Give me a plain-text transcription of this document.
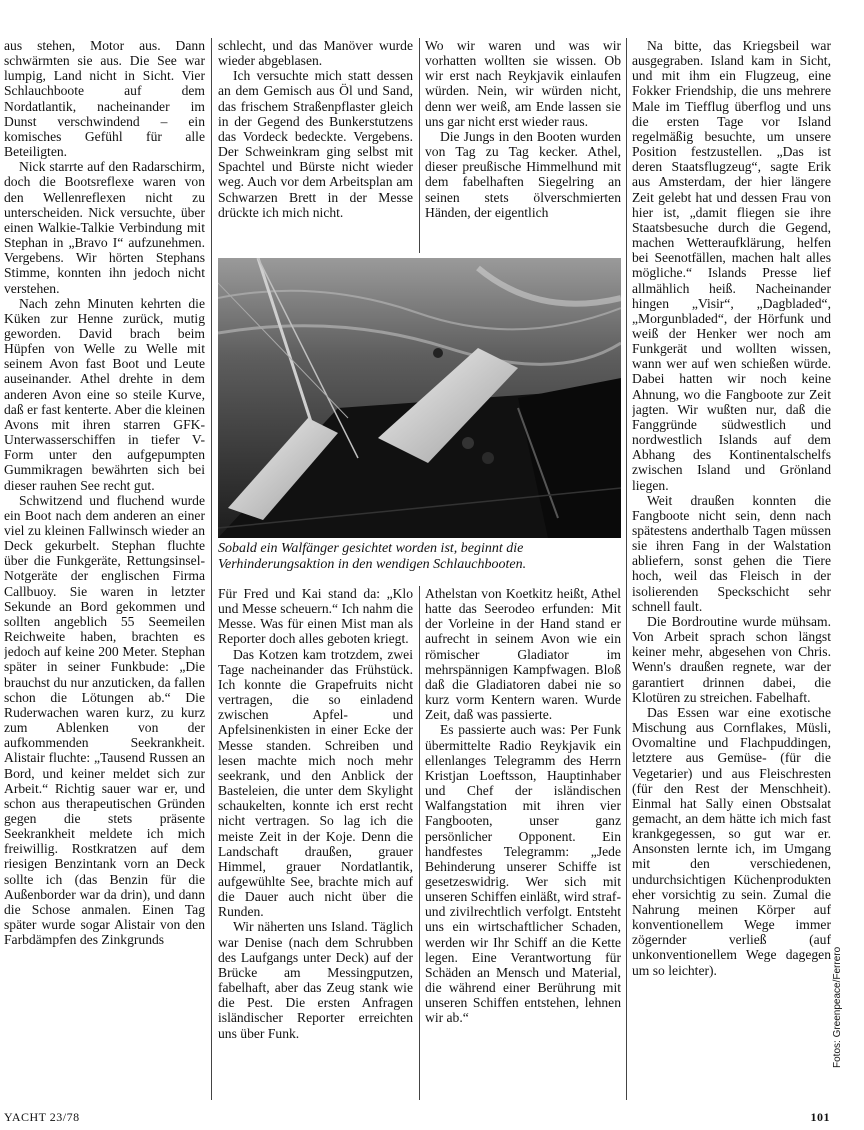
aus stehen, Motor aus. Dann schwärmten sie aus. Die See war lumpig, Land nicht in Sicht. Vier Schlauchboote auf dem Nordatlantik, nacheinander im Dunst verschwindend – ein komisches Gefühl für alle Beteiligten.

Nick starrte auf den Radarschirm, doch die Bootsreflexe waren von den Wellenreflexen nicht zu unterscheiden. Nick versuchte, über einen Walkie-Talkie Verbindung mit Stephan in „Bravo I“ aufzunehmen. Vergebens. Wir hörten Stephans Stimme, konnten ihn jedoch nicht verstehen.

Nach zehn Minuten kehrten die Küken zur Henne zurück, mutig geworden. David brach beim Hüpfen von Welle zu Welle mit seinem Avon fast Boot und Leute auseinander. Athel drehte in dem anderen Avon eine so steile Kurve, daß er fast kenterte. Aber die kleinen Avons mit ihren starren GFK-Unterwasserschiffen in tiefer V-Form unter den aufgepumpten Gummikragen bewährten sich bei dieser rauhen See recht gut.

Schwitzend und fluchend wurde ein Boot nach dem anderen an einer viel zu kleinen Fallwinsch wieder an Deck gekurbelt. Stephan fluchte über die Funkgeräte, Rettungsinsel-Notgeräte der englischen Firma Callbuoy. Sie waren in letzter Sekunde an Bord gekommen und sollten angeblich 55 Seemeilen Reichweite haben, brachten es jedoch auf keine 200 Meter. Stephan später in seiner Funkbude: „Die brauchst du nur anzuticken, da fallen schon die Lötungen ab.“ Die Ruderwachen waren kurz, zu kurz zum Ablenken von der aufkommenden Seekrankheit. Alistair fluchte: „Tausend Russen an Bord, und keiner meldet sich zur Arbeit.“ Richtig sauer war er, und schon aus therapeutischen Gründen gegen die stets präsente Seekrankheit meldete ich mich freiwillig. Rostkratzen auf dem riesigen Benzintank vorn an Deck sollte ich (das Benzin für die Außenborder war da drin), und dann die Schose anmalen. Einen Tag später wurde sogar Alistair von den Farbdämpfen des Zinkgrunds

schlecht, und das Manöver wurde wieder abgeblasen.

Ich versuchte mich statt dessen an dem Gemisch aus Öl und Sand, das frischem Straßenpflaster gleich in der Gegend des Bunkerstutzens das Vordeck bedeckte. Vergebens. Der Schweinkram ging selbst mit Spachtel und Bürste nicht wieder weg. Auch vor dem Arbeitsplan am Schwarzen Brett in der Messe drückte ich mich nicht.

Wo wir waren und was wir vorhatten wollten sie wissen. Ob wir erst nach Reykjavik einlaufen würden. Nein, wir würden nicht, denn wer weiß, am Ende lassen sie uns gar nicht erst wieder raus.

Die Jungs in den Booten wurden von Tag zu Tag kecker. Athel, dieser preußische Himmelhund mit dem fabelhaften Siegelring an seinen stets ölverschmierten Händen, der eigentlich

Sobald ein Walfänger gesichtet worden ist, beginnt die Verhinderungsaktion in den wendigen Schlauchbooten.

Für Fred und Kai stand da: „Klo und Messe scheuern.“ Ich nahm die Messe. Was für einen Mist man als Reporter doch alles geboten kriegt.

Das Kotzen kam trotzdem, zwei Tage nacheinander das Frühstück. Ich konnte die Grapefruits nicht vertragen, die so einladend zwischen Apfel- und Apfelsinenkisten in einer Ecke der Messe standen. Schreiben und lesen machte mich noch mehr seekrank, und den Anblick der Basteleien, die unter dem Skylight schaukelten, konnte ich erst recht nicht vertragen. So lag ich die meiste Zeit in der Koje. Denn die Landschaft draußen, grauer Himmel, grauer Nordatlantik, aufgewühlte See, brachte mich auf die Dauer auch nicht über die Runden.

Wir näherten uns Island. Täglich war Denise (nach dem Schrubben des Laufgangs unter Deck) auf der Brücke am Messingputzen, fabelhaft, aber das Zeug stank wie die Pest. Die ersten Anfragen isländischer Reporter erreichten uns über Funk.

Athelstan von Koetkitz heißt, Athel hatte das Seerodeo erfunden: Mit der Vorleine in der Hand stand er aufrecht in seinem Avon wie ein römischer Gladiator im mehrspännigen Kampfwagen. Bloß daß die Gladiatoren dabei nie so kurz vorm Kentern waren. Wurde Zeit, daß was passierte.

Es passierte auch was: Per Funk übermittelte Radio Reykjavik ein ellenlanges Telegramm des Herrn Kristjan Loeftsson, Hauptinhaber und Chef der isländischen Walfangstation mit ihren vier Fangbooten, unser ganz persönlicher Opponent. Ein handfestes Telegramm: „Jede Behinderung unserer Schiffe ist gesetzeswidrig. Wer sich mit unseren Schiffen einläßt, wird straf- und zivilrechtlich verfolgt. Entsteht uns ein wirtschaftlicher Schaden, werden wir Ihr Schiff an die Kette legen. Eine Verantwortung für Schäden an Mensch und Material, die während einer Berührung mit unseren Schiffen entstehen, lehnen wir ab.“

Na bitte, das Kriegsbeil war ausgegraben. Island kam in Sicht, und mit ihm ein Flugzeug, eine Fokker Friendship, die uns mehrere Male im Tiefflug überflog und uns die ersten Tage vor Island regelmäßig besuchte, um unsere Position festzustellen. „Das ist deren Staatsflugzeug“, sagte Erik aus Amsterdam, der hier längere Zeit gelebt hat und dessen Frau von hier ist, „damit fliegen sie ihre Staatsbesuche durch die Gegend, machen Wetteraufklärung, helfen bei Seenotfällen, machen halt alles mögliche.“ Islands Presse lief allmählich heiß. Nacheinander hingen „Visir“, „Dagbladed“, „Morgunbladed“, der Hörfunk und weiß der Henker wer noch am Funkgerät und wollten wissen, wann wer auf wen schießen würde. Dabei hatten wir noch keine Ahnung, wo die Fangboote zur Zeit jagten. Wir wußten nur, daß die Fanggründe südwestlich und nordwestlich Islands auf dem Abhang des Kontinentalschelfs zwischen Island und Grönland liegen.

Weit draußen konnten die Fangboote nicht sein, denn nach spätestens anderthalb Tagen müssen sie ihren Fang in der Walstation abliefern, sonst gehen die Tiere hoch, weil das Fleisch in der isolierenden Speckschicht sehr schnell fault.

Die Bordroutine wurde mühsam. Von Arbeit sprach schon längst keiner mehr, abgesehen von Chris. Wenn's draußen regnete, war der garantiert drinnen dabei, die Klotüren zu streichen. Fabelhaft.

Das Essen war eine exotische Mischung aus Cornflakes, Müsli, Ovomaltine und Flachpuddingen, letztere aus Gemüse- (für die Vegetarier) und aus Fleischresten (für den Rest der Menschheit). Einmal hat Sally einen Obstsalat gemacht, an dem hätte ich mich fast krankgegessen, so gut war er. Ansonsten lernte ich, im Umgang mit den verschiedenen, undurchsichtigen Küchenprodukten eher vorsichtig zu sein. Zumal die Nahrung meinen Körper auf konventionellem Wege immer zögernder verließ (auf unkonventionellem Wege dagegen um so leichter).	Fotos: Greenpeace/Ferrero
YACHT 23/78	101
